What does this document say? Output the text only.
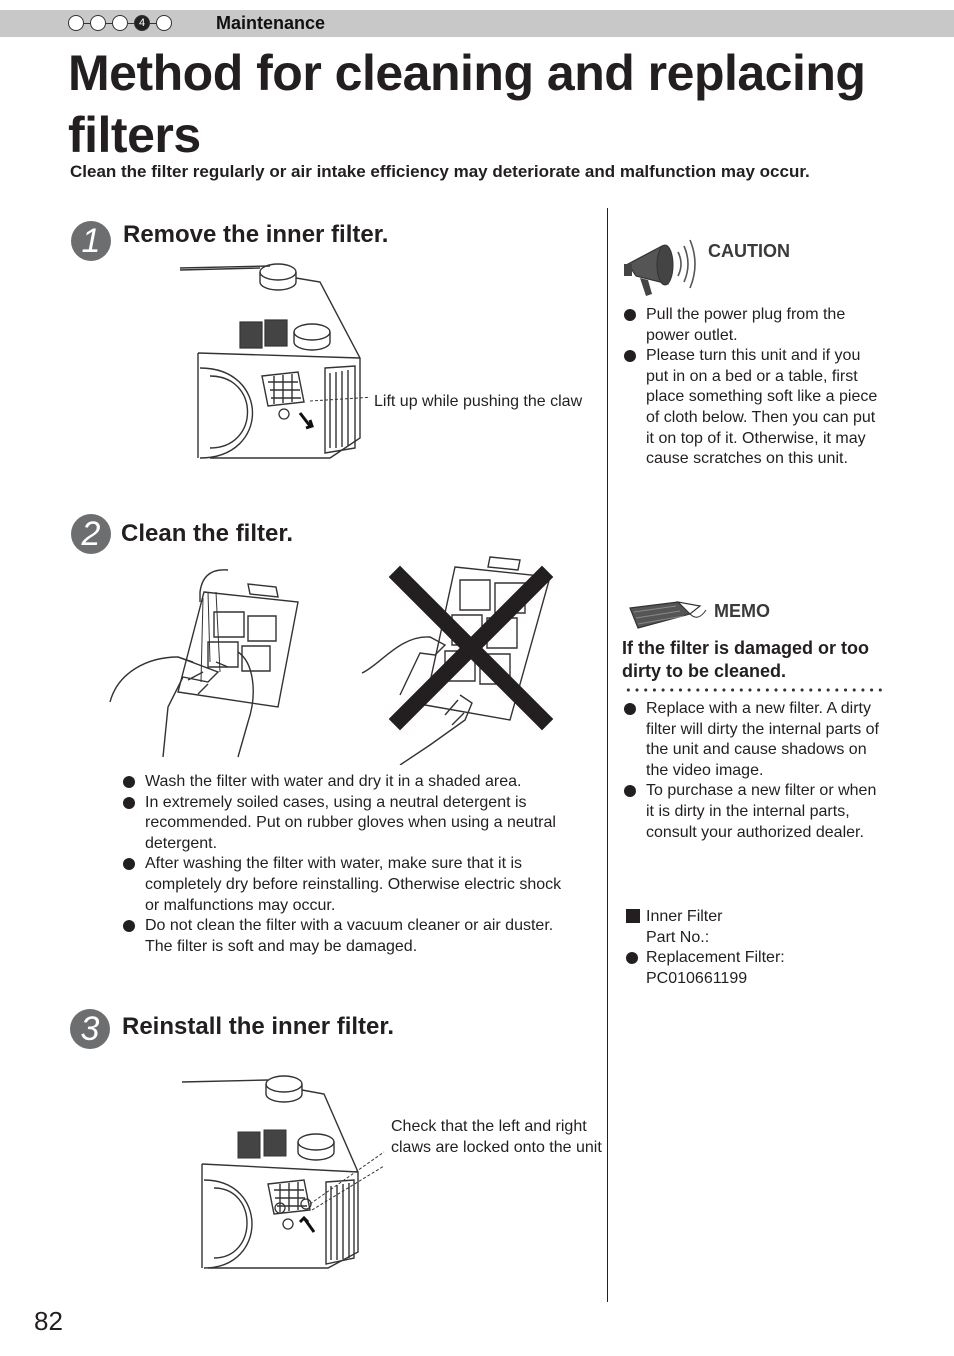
4	Maintenance
Method for cleaning and replacing filters
Clean the filter regularly or air intake efficiency may deteriorate and malfunction may occur.
1 Remove the inner filter.
Lift up while pushing the claw
2 Clean the filter.
Wash the filter with water and dry it in a shaded area.
In extremely soiled cases, using a neutral detergent is recommended. Put on rubber gloves when using a neutral detergent.
After washing the filter with water, make sure that it is completely dry before reinstalling. Otherwise electric shock or malfunctions may occur.
Do not clean the filter with a vacuum cleaner or air duster. The filter is soft and may be damaged.
3 Reinstall the inner filter.
Check that the left and right claws are locked onto the unit
CAUTION
Pull the power plug from the power outlet.
Please turn this unit and if you put in on a bed or a table, first place something soft like a piece of cloth below. Then you can put it on top of it. Otherwise, it may cause scratches on this unit.
MEMO
If the filter is damaged or too dirty to be cleaned.
Replace with a new filter. A dirty filter will dirty the internal parts of the unit and cause shadows on the video image.
To purchase a new filter or when it is dirty in the internal parts, consult your authorized dealer.
Inner Filter
Part No.:
Replacement Filter: PC010661199
82
